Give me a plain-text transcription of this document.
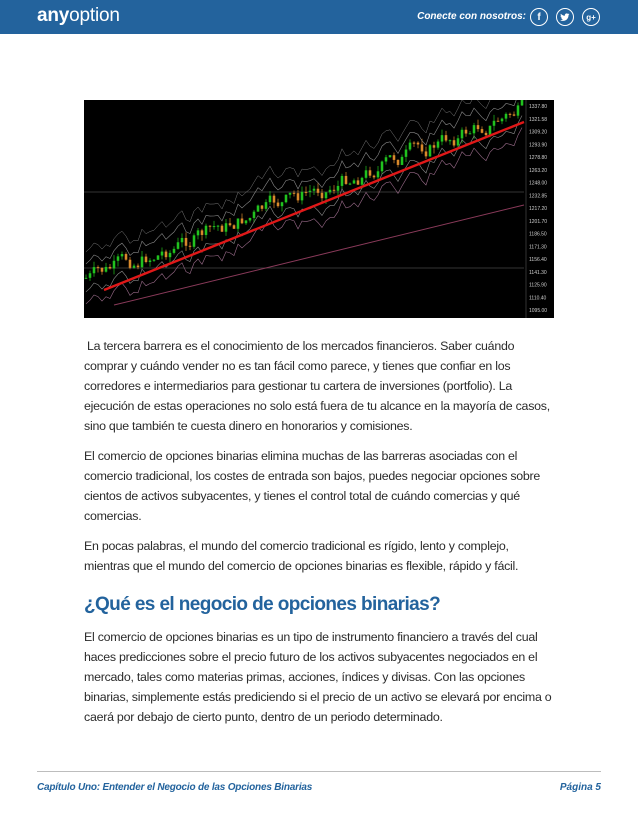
anyoption	Conecte con nosotros: f	g+
1337.80
1321.58
1309.20
1293.90
1278.80
1263.20
1248.00
1232.85
1217.20
1201.70
1186.50
1171.30
1156.40
1141.30
1125.90
1110.40
1095.00

La tercera barrera es el conocimiento de los mercados financieros. Saber cuándo comprar y cuándo vender no es tan fácil como parece, y tienes que confiar en los corredores e intermediarios para gestionar tu cartera de inversiones (portfolio). La ejecución de estas operaciones no solo está fuera de tu alcance en la mayoría de casos, sino que también te cuesta dinero en honorarios y comisiones.

El comercio de opciones binarias elimina muchas de las barreras asociadas con el comercio tradicional, los costes de entrada son bajos, puedes negociar opciones sobre cientos de activos subyacentes, y tienes el control total de cuándo comercias y qué comercias.

En pocas palabras, el mundo del comercio tradicional es rígido, lento y complejo, mientras que el mundo del comercio de opciones binarias es flexible, rápido y fácil.

¿Qué es el negocio de opciones binarias?

El comercio de opciones binarias es un tipo de instrumento financiero a través del cual haces predicciones sobre el precio futuro de los activos subyacentes negociados en el mercado, tales como materias primas, acciones, índices y divisas. Con las opciones binarias, simplemente estás prediciendo si el precio de un activo se elevará por encima o caerá por debajo de cierto punto, dentro de un periodo determinado.

Capítulo Uno: Entender el Negocio de las Opciones Binarias	Página 5
